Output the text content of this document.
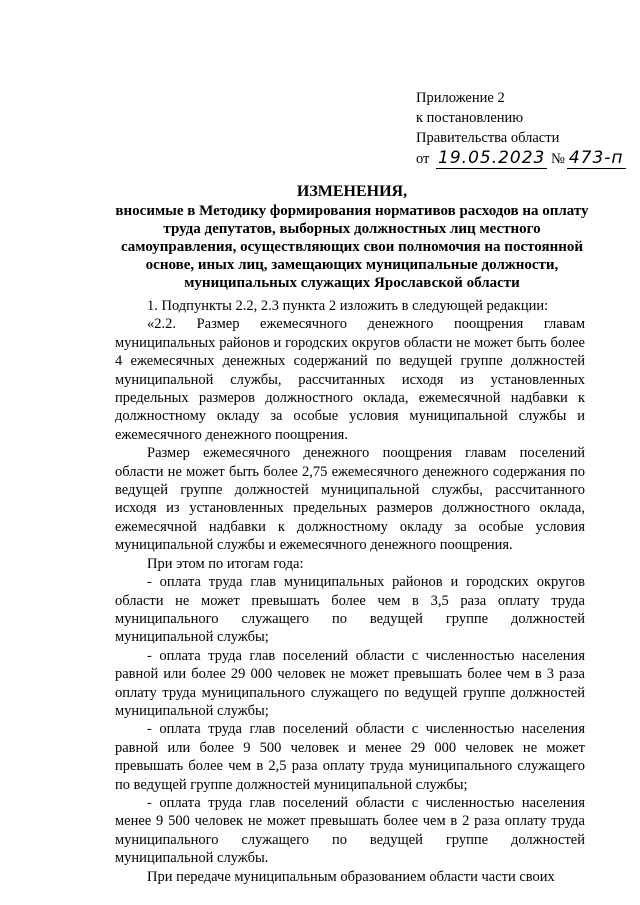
Приложение 2
к постановлению
Правительства области
от 19.05.2023 № 473-п
ИЗМЕНЕНИЯ,
вносимые в Методику формирования нормативов расходов на оплату труда депутатов, выборных должностных лиц местного самоуправления, осуществляющих свои полномочия на постоянной основе, иных лиц, замещающих муниципальные должности, муниципальных служащих Ярославской области

1. Подпункты 2.2, 2.3 пункта 2 изложить в следующей редакции:

«2.2. Размер ежемесячного денежного поощрения главам муниципальных районов и городских округов области не может быть более 4 ежемесячных денежных содержаний по ведущей группе должностей муниципальной службы, рассчитанных исходя из установленных предельных размеров должностного оклада, ежемесячной надбавки к должностному окладу за особые условия муниципальной службы и ежемесячного денежного поощрения.

Размер ежемесячного денежного поощрения главам поселений области не может быть более 2,75 ежемесячного денежного содержания по ведущей группе должностей муниципальной службы, рассчитанного исходя из установленных предельных размеров должностного оклада, ежемесячной надбавки к должностному окладу за особые условия муниципальной службы и ежемесячного денежного поощрения.

При этом по итогам года:

- оплата труда глав муниципальных районов и городских округов области не может превышать более чем в 3,5 раза оплату труда муниципального служащего по ведущей группе должностей муниципальной службы;

- оплата труда глав поселений области с численностью населения равной или более 29 000 человек не может превышать более чем в 3 раза оплату труда муниципального служащего по ведущей группе должностей муниципальной службы;

- оплата труда глав поселений области с численностью населения равной или более 9 500 человек и менее 29 000 человек не может превышать более чем в 2,5 раза оплату труда муниципального служащего по ведущей группе должностей муниципальной службы;

- оплата труда глав поселений области с численностью населения менее 9 500 человек не может превышать более чем в 2 раза оплату труда муниципального служащего по ведущей группе должностей муниципальной службы.

При передаче муниципальным образованием области части своих
